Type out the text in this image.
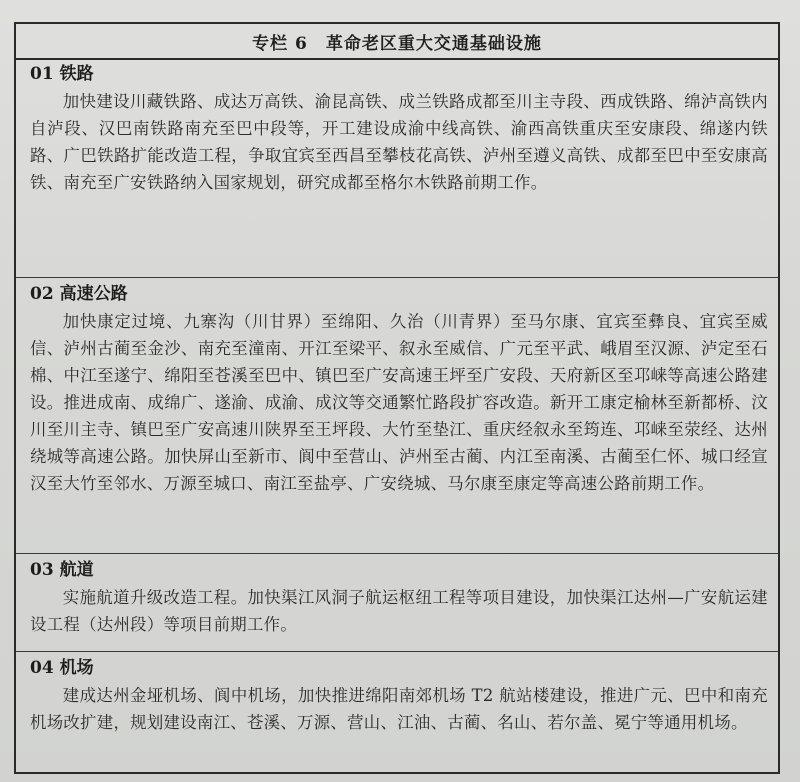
专栏 6　革命老区重大交通基础设施
01 铁路
加快建设川藏铁路、成达万高铁、渝昆高铁、成兰铁路成都至川主寺段、西成铁路、绵泸高铁内自泸段、汉巴南铁路南充至巴中段等，开工建设成渝中线高铁、渝西高铁重庆至安康段、绵遂内铁路、广巴铁路扩能改造工程，争取宜宾至西昌至攀枝花高铁、泸州至遵义高铁、成都至巴中至安康高铁、南充至广安铁路纳入国家规划，研究成都至格尔木铁路前期工作。
02 高速公路
加快康定过境、九寨沟（川甘界）至绵阳、久治（川青界）至马尔康、宜宾至彝良、宜宾至威信、泸州古蔺至金沙、南充至潼南、开江至梁平、叙永至威信、广元至平武、峨眉至汉源、泸定至石棉、中江至遂宁、绵阳至苍溪至巴中、镇巴至广安高速王坪至广安段、天府新区至邛崃等高速公路建设。推进成南、成绵广、遂渝、成渝、成汶等交通繁忙路段扩容改造。新开工康定榆林至新都桥、汶川至川主寺、镇巴至广安高速川陕界至王坪段、大竹至垫江、重庆经叙永至筠连、邛崃至荥经、达州绕城等高速公路。加快屏山至新市、阆中至营山、泸州至古蔺、内江至南溪、古蔺至仁怀、城口经宣汉至大竹至邻水、万源至城口、南江至盐亭、广安绕城、马尔康至康定等高速公路前期工作。
03 航道
实施航道升级改造工程。加快渠江风洞子航运枢纽工程等项目建设，加快渠江达州—广安航运建设工程（达州段）等项目前期工作。
04 机场
建成达州金垭机场、阆中机场，加快推进绵阳南郊机场 T2 航站楼建设，推进广元、巴中和南充机场改扩建，规划建设南江、苍溪、万源、营山、江油、古蔺、名山、若尔盖、冕宁等通用机场。
